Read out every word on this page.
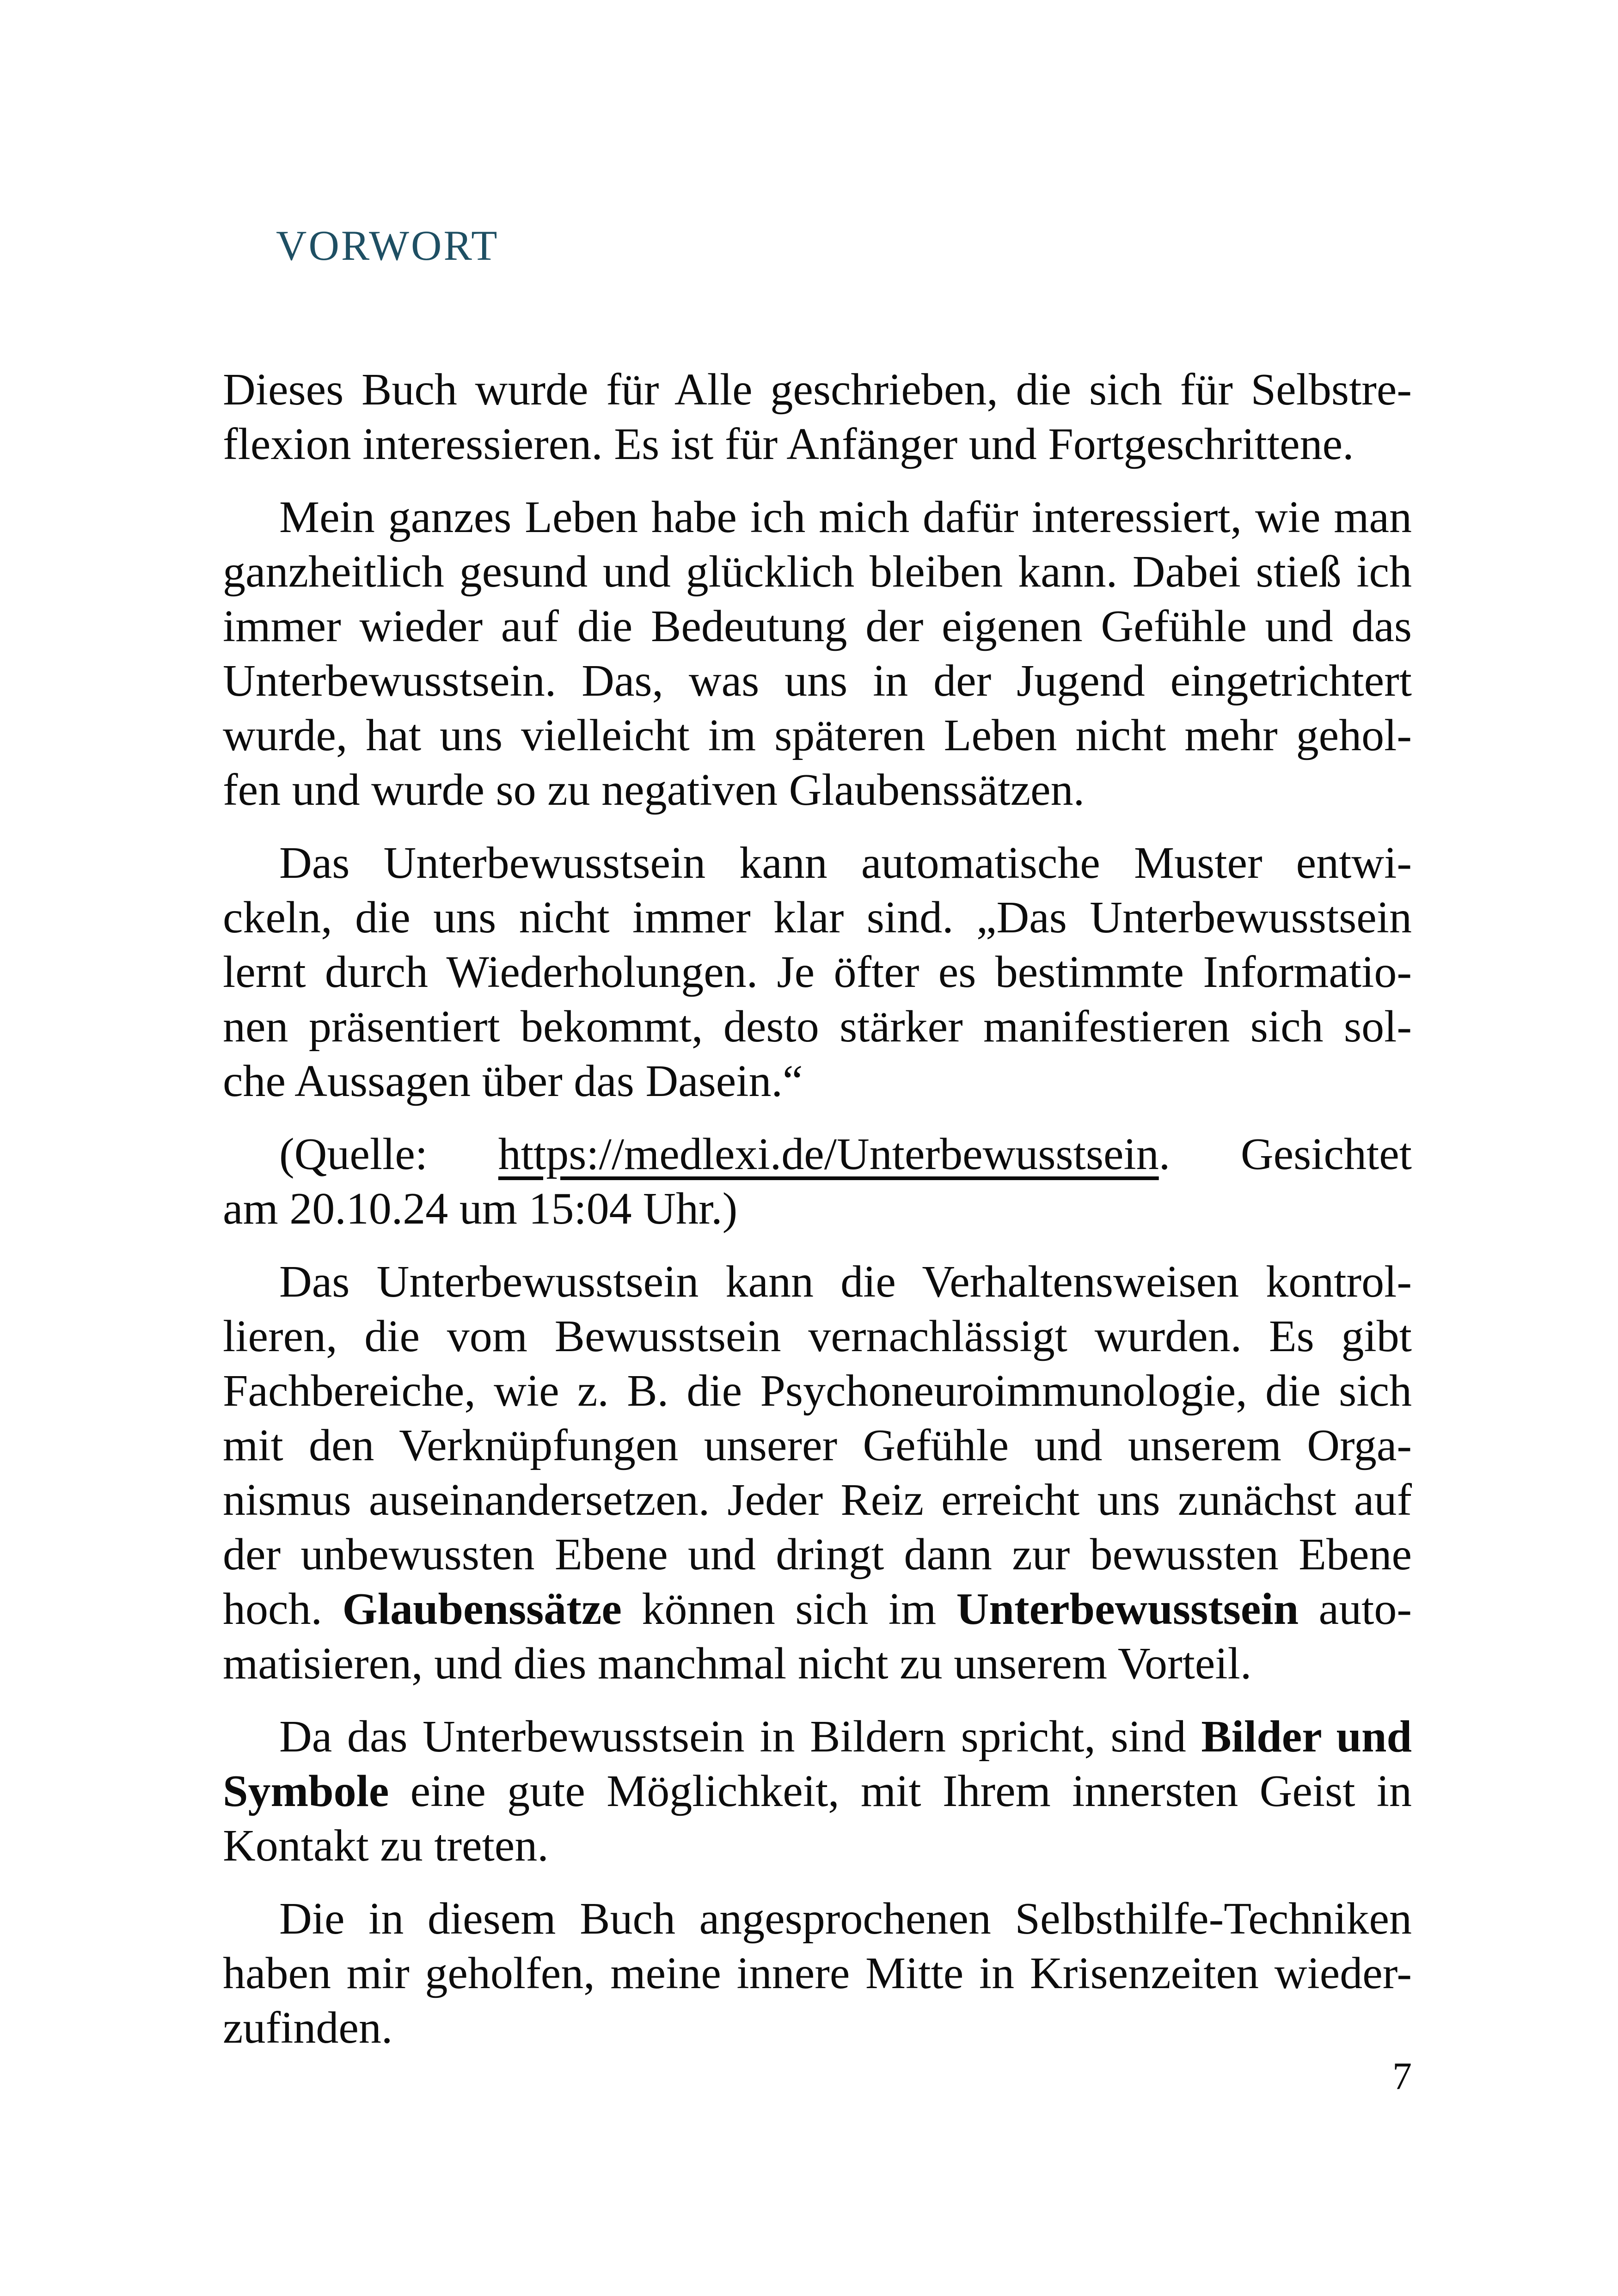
VORWORT
Dieses Buch wurde für Alle geschrieben, die sich für Selbstre-
flexion interessieren. Es ist für Anfänger und Fortgeschrittene.
Mein ganzes Leben habe ich mich dafür interessiert, wie man
ganzheitlich gesund und glücklich bleiben kann. Dabei stieß ich
immer wieder auf die Bedeutung der eigenen Gefühle und das
Unterbewusstsein. Das, was uns in der Jugend eingetrichtert
wurde, hat uns vielleicht im späteren Leben nicht mehr gehol-
fen und wurde so zu negativen Glaubenssätzen.
Das Unterbewusstsein kann automatische Muster entwi-
ckeln, die uns nicht immer klar sind. „Das Unterbewusstsein
lernt durch Wiederholungen. Je öfter es bestimmte Informatio-
nen präsentiert bekommt, desto stärker manifestieren sich sol-
che Aussagen über das Dasein.“
(Quelle: https://medlexi.de/Unterbewusstsein. Gesichtet
am 20.10.24 um 15:04 Uhr.)
Das Unterbewusstsein kann die Verhaltensweisen kontrol-
lieren, die vom Bewusstsein vernachlässigt wurden. Es gibt
Fachbereiche, wie z. B. die Psychoneuroimmunologie, die sich
mit den Verknüpfungen unserer Gefühle und unserem Orga-
nismus auseinandersetzen. Jeder Reiz erreicht uns zunächst auf
der unbewussten Ebene und dringt dann zur bewussten Ebene
hoch. Glaubenssätze können sich im Unterbewusstsein auto-
matisieren, und dies manchmal nicht zu unserem Vorteil.
Da das Unterbewusstsein in Bildern spricht, sind Bilder und
Symbole eine gute Möglichkeit, mit Ihrem innersten Geist in
Kontakt zu treten.
Die in diesem Buch angesprochenen Selbsthilfe-Techniken
haben mir geholfen, meine innere Mitte in Krisenzeiten wieder-
zufinden.
7
